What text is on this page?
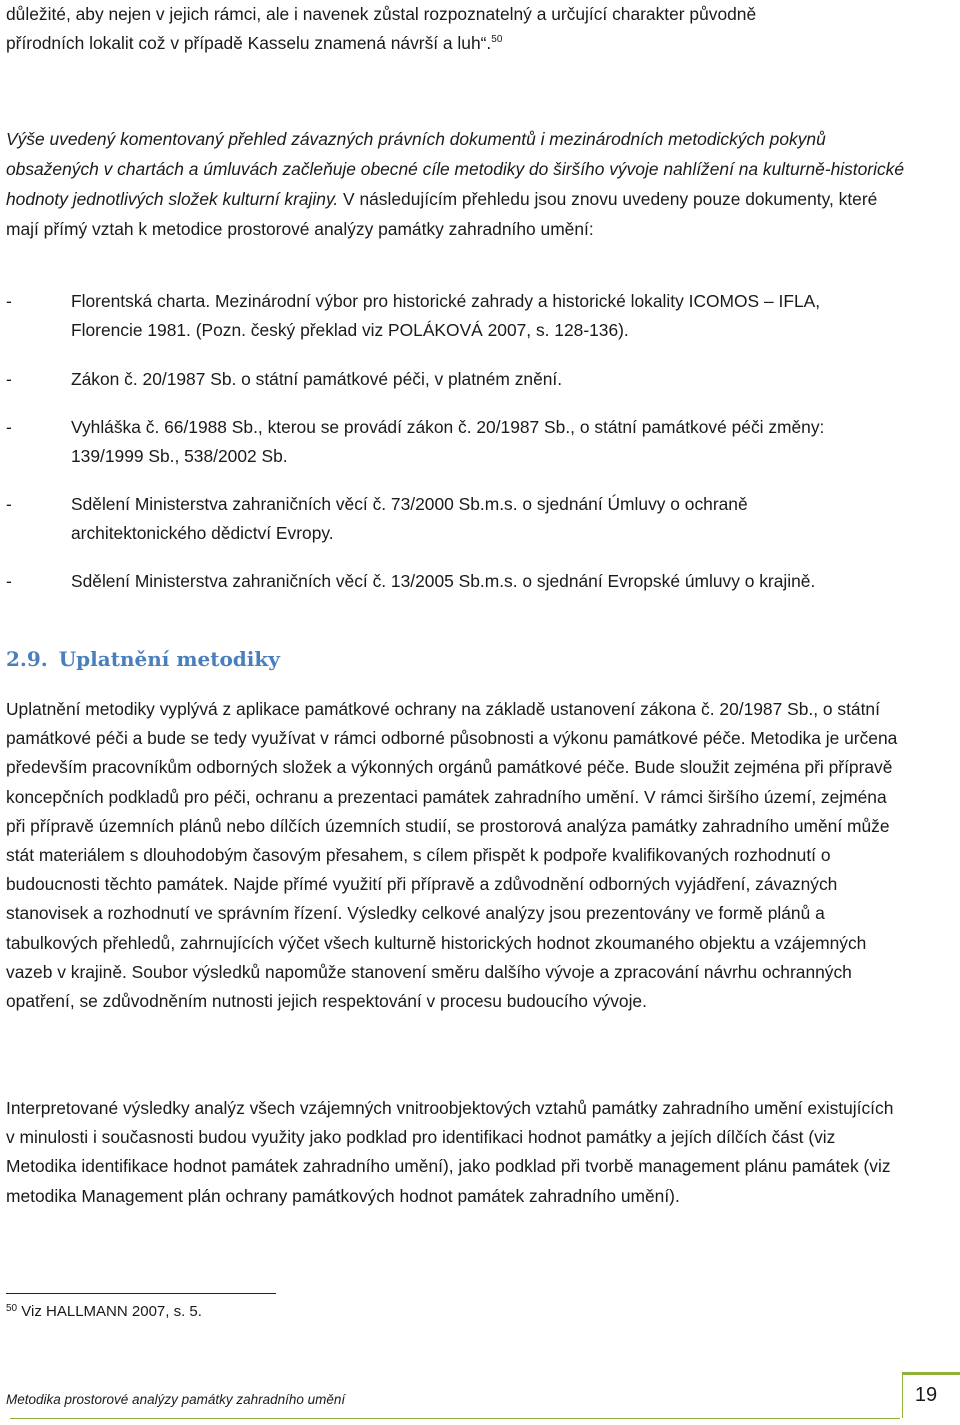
důležité, aby nejen v jejich rámci, ale i navenek zůstal rozpoznatelný a určující charakter původně
přírodních lokalit což v případě Kasselu znamená návrší a luh“.$^{50}$

Výše uvedený komentovaný přehled závazných právních dokumentů i mezinárodních metodických pokynů obsažených v chartách a úmluvách začleňuje obecné cíle metodiky do širšího vývoje nahlížení na kulturně-historické hodnoty jednotlivých složek kulturní krajiny. V následujícím přehledu jsou znovu uvedeny pouze dokumenty, které mají přímý vztah k metodice prostorové analýzy památky zahradního umění:

-	Florentská charta. Mezinárodní výbor pro historické zahrady a historické lokality ICOMOS – IFLA, Florencie 1981. (Pozn. český překlad viz POLÁKOVÁ 2007, s. 128-136).
-	Zákon č. 20/1987 Sb. o státní památkové péči, v platném znění.
-	Vyhláška č. 66/1988 Sb., kterou se provádí zákon č. 20/1987 Sb., o státní památkové péči změny: 139/1999 Sb., 538/2002 Sb.
-	Sdělení Ministerstva zahraničních věcí č. 73/2000 Sb.m.s. o sjednání Úmluvy o ochraně architektonického dědictví Evropy.
-	Sdělení Ministerstva zahraničních věcí č. 13/2005 Sb.m.s. o sjednání Evropské úmluvy o krajině.
2.9. Uplatnění metodiky

Uplatnění metodiky vyplývá z aplikace památkové ochrany na základě ustanovení zákona č. 20/1987 Sb., o státní památkové péči a bude se tedy využívat v rámci odborné působnosti a výkonu památkové péče. Metodika je určena především pracovníkům odborných složek a výkonných orgánů památkové péče. Bude sloužit zejména při přípravě koncepčních podkladů pro péči, ochranu a prezentaci památek zahradního umění. V rámci širšího území, zejména při přípravě územních plánů nebo dílčích územních studií, se prostorová analýza památky zahradního umění může stát materiálem s dlouhodobým časovým přesahem, s cílem přispět k podpoře kvalifikovaných rozhodnutí o budoucnosti těchto památek. Najde přímé využití při přípravě a zdůvodnění odborných vyjádření, závazných stanovisek a rozhodnutí ve správním řízení. Výsledky celkové analýzy jsou prezentovány ve formě plánů a tabulkových přehledů, zahrnujících výčet všech kulturně historických hodnot zkoumaného objektu a vzájemných vazeb v krajině. Soubor výsledků napomůže stanovení směru dalšího vývoje a zpracování návrhu ochranných opatření, se zdůvodněním nutnosti jejich respektování v procesu budoucího vývoje.

Interpretované výsledky analýz všech vzájemných vnitroobjektových vztahů památky zahradního umění existujících v minulosti i současnosti budou využity jako podklad pro identifikaci hodnot památky a jejích dílčích část (viz Metodika identifikace hodnot památek zahradního umění), jako podklad při tvorbě management plánu památek (viz metodika Management plán ochrany památkových hodnot památek zahradního umění).

$^{50}$ Viz HALLMANN 2007, s. 5.
Metodika prostorové analýzy památky zahradního umění	19
